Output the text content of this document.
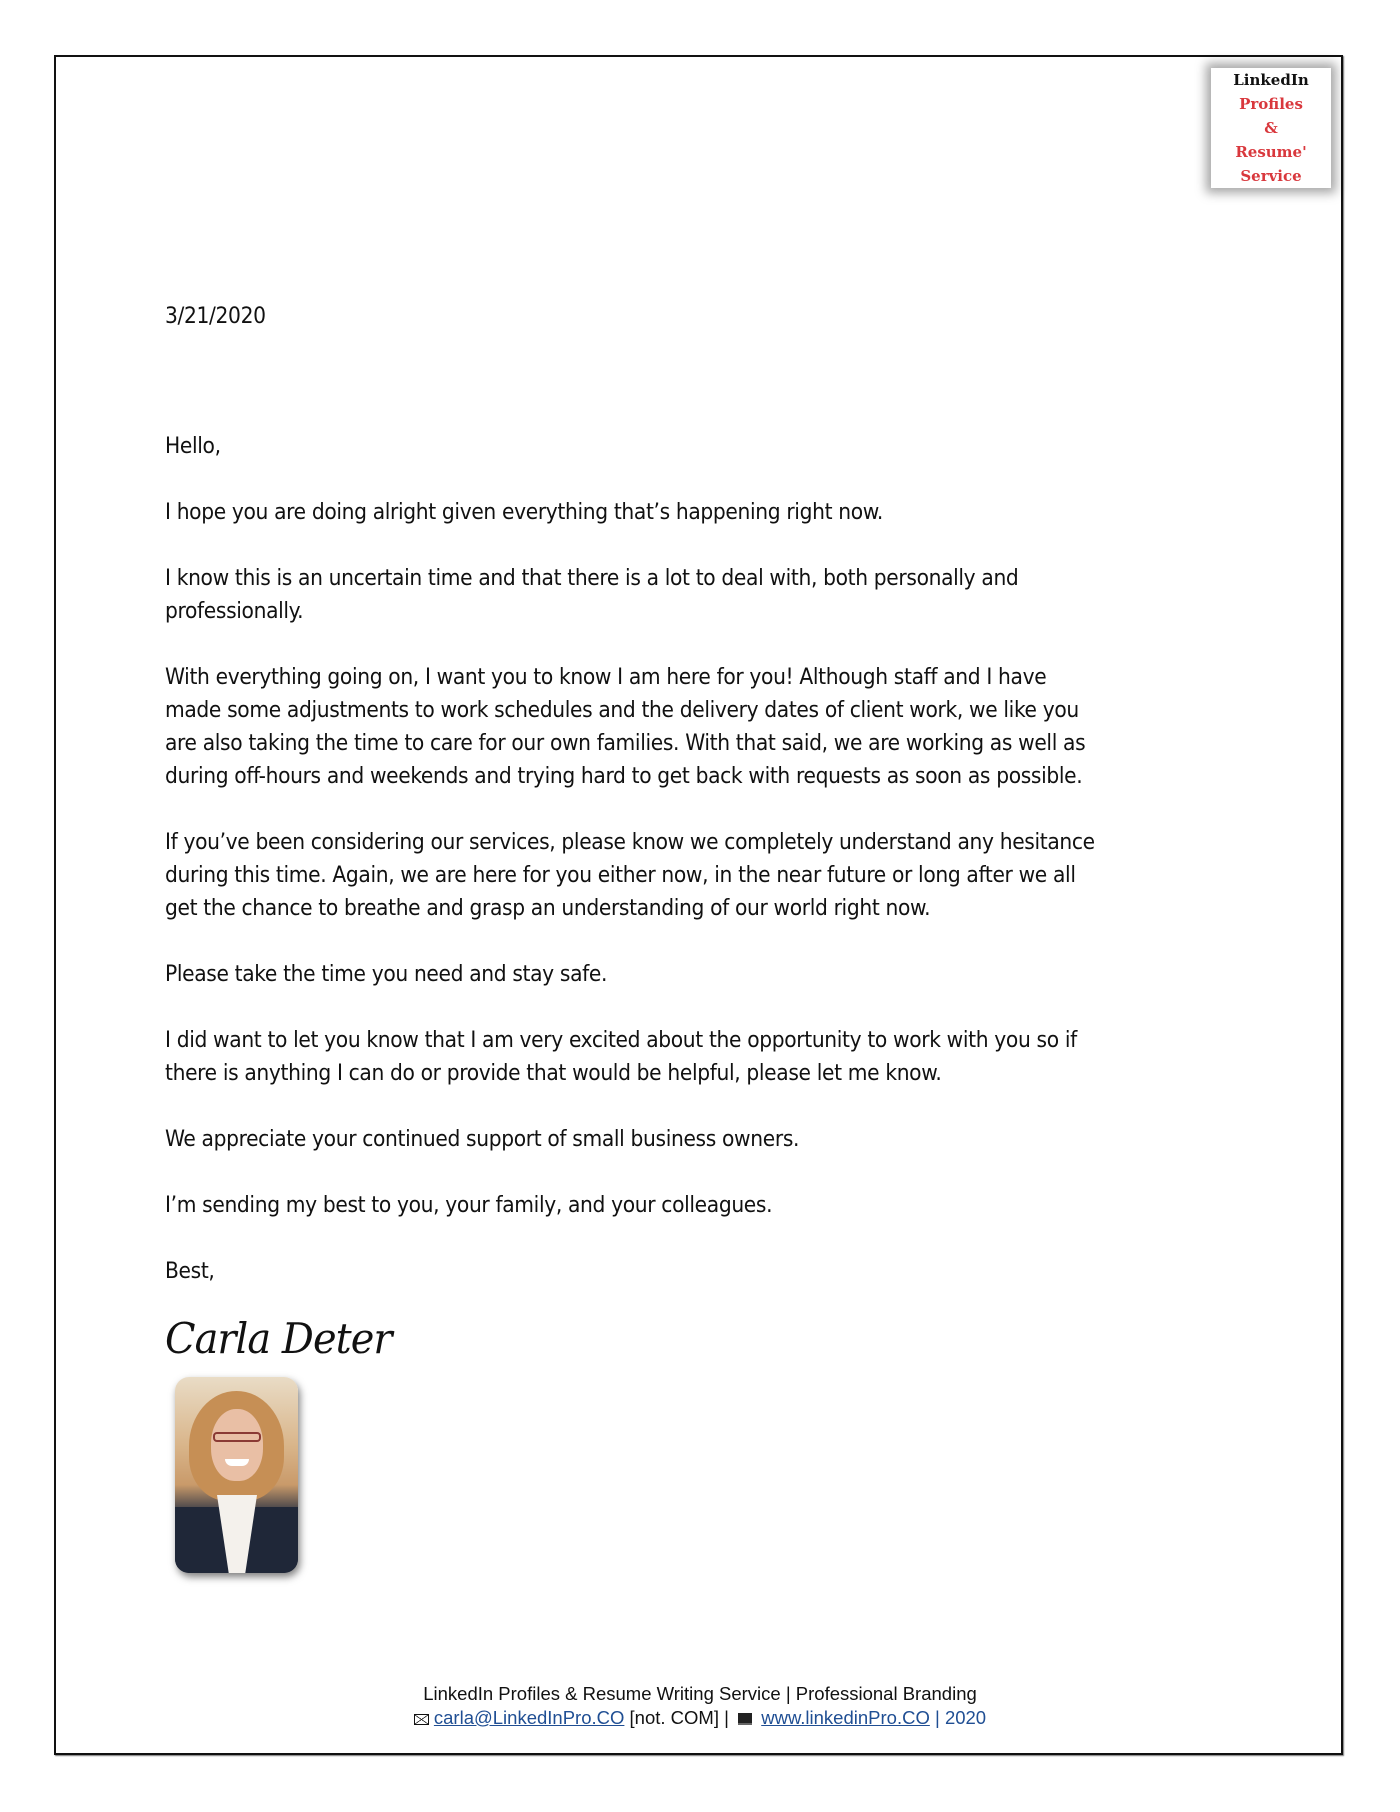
LinkedIn
Profiles
&
Resume'
Service
3/21/2020
Hello,
I hope you are doing alright given everything that’s happening right now.
I know this is an uncertain time and that there is a lot to deal with, both personally and
professionally.
With everything going on, I want you to know I am here for you! Although staff and I have
made some adjustments to work schedules and the delivery dates of client work, we like you
are also taking the time to care for our own families. With that said, we are working as well as
during off-hours and weekends and trying hard to get back with requests as soon as possible.
If you’ve been considering our services, please know we completely understand any hesitance
during this time. Again, we are here for you either now, in the near future or long after we all
get the chance to breathe and grasp an understanding of our world right now.
Please take the time you need and stay safe.
I did want to let you know that I am very excited about the opportunity to work with you so if
there is anything I can do or provide that would be helpful, please let me know.
We appreciate your continued support of small business owners.
I’m sending my best to you, your family, and your colleagues.
Best,
Carla Deter
LinkedIn Profiles & Resume Writing Service | Professional Branding
carla@LinkedInPro.CO [not. COM] |  www.linkedinPro.CO | 2020
